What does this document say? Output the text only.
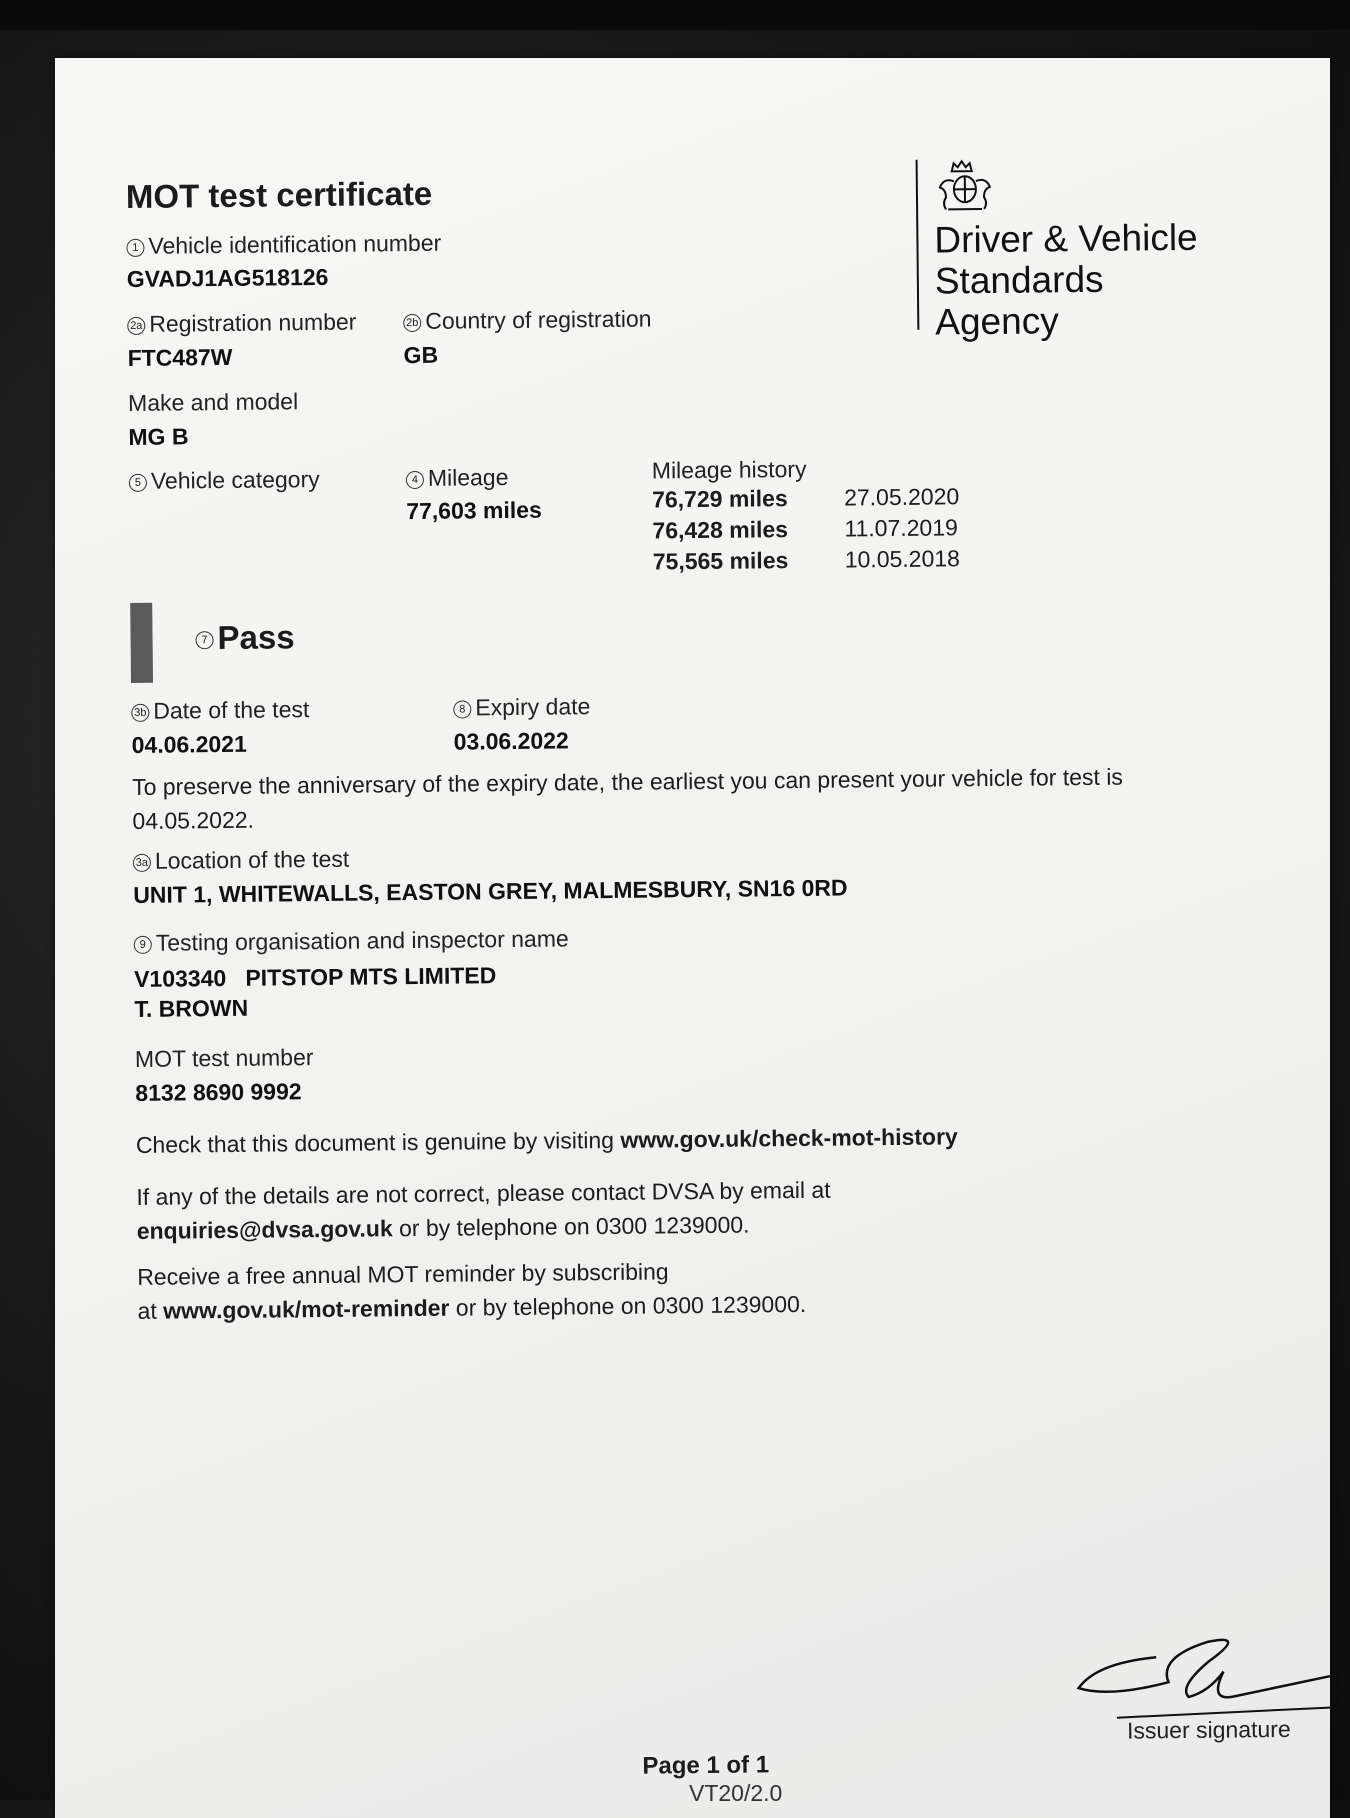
MOT test certificate
1 Vehicle identification number
GVADJ1AG518126
2a Registration number
FTC487W
2b Country of registration
GB
Make and model
MG B
5 Vehicle category	4 Mileage
77,603 miles
Mileage history
76,729 miles 27.05.2020
76,428 miles 11.07.2019
75,565 miles 10.05.2018
Driver & Vehicle
Standards
Agency
7 Pass
3b Date of the test
04.06.2021
8 Expiry date
03.06.2022
To preserve the anniversary of the expiry date, the earliest you can present your vehicle for test is 04.05.2022.
3a Location of the test
UNIT 1, WHITEWALLS, EASTON GREY, MALMESBURY, SN16 0RD
9 Testing organisation and inspector name
V103340 PITSTOP MTS LIMITED
T. BROWN
MOT test number
8132 8690 9992
Check that this document is genuine by visiting www.gov.uk/check-mot-history
If any of the details are not correct, please contact DVSA by email at
enquiries@dvsa.gov.uk or by telephone on 0300 1239000.
Receive a free annual MOT reminder by subscribing
at www.gov.uk/mot-reminder or by telephone on 0300 1239000.
Issuer signature
Page 1 of 1
VT20/2.0
